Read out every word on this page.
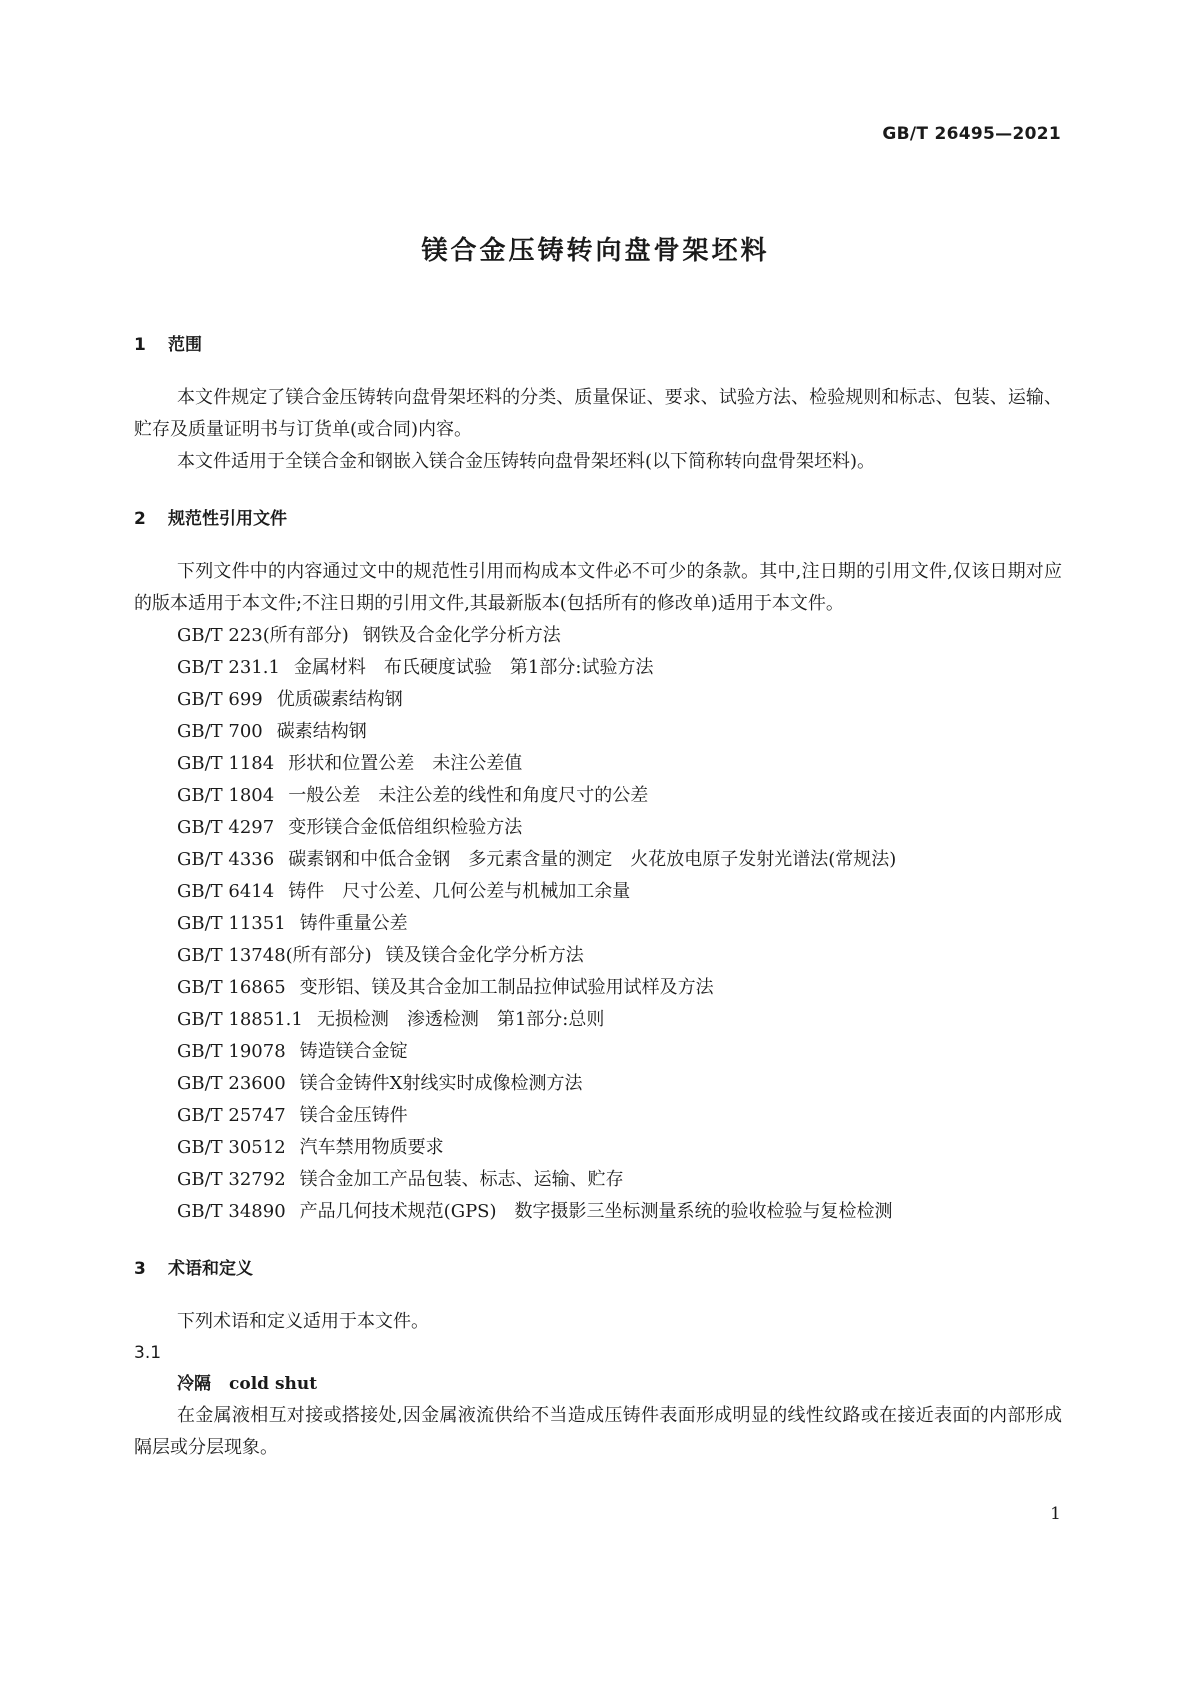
GB/T 26495—2021
镁合金压铸转向盘骨架坯料
1 范围

本文件规定了镁合金压铸转向盘骨架坯料的分类、质量保证、要求、试验方法、检验规则和标志、包装、运输、贮存及质量证明书与订货单(或合同)内容。

本文件适用于全镁合金和钢嵌入镁合金压铸转向盘骨架坯料(以下简称转向盘骨架坯料)。

2 规范性引用文件

下列文件中的内容通过文中的规范性引用而构成本文件必不可少的条款。其中,注日期的引用文件,仅该日期对应的版本适用于本文件;不注日期的引用文件,其最新版本(包括所有的修改单)适用于本文件。

GB/T 223(所有部分) 钢铁及合金化学分析方法
GB/T 231.1 金属材料　布氏硬度试验　第1部分:试验方法
GB/T 699 优质碳素结构钢
GB/T 700 碳素结构钢
GB/T 1184 形状和位置公差　未注公差值
GB/T 1804 一般公差　未注公差的线性和角度尺寸的公差
GB/T 4297 变形镁合金低倍组织检验方法
GB/T 4336 碳素钢和中低合金钢　多元素含量的测定　火花放电原子发射光谱法(常规法)
GB/T 6414 铸件　尺寸公差、几何公差与机械加工余量
GB/T 11351 铸件重量公差
GB/T 13748(所有部分) 镁及镁合金化学分析方法
GB/T 16865 变形铝、镁及其合金加工制品拉伸试验用试样及方法
GB/T 18851.1 无损检测　渗透检测　第1部分:总则
GB/T 19078 铸造镁合金锭
GB/T 23600 镁合金铸件X射线实时成像检测方法
GB/T 25747 镁合金压铸件
GB/T 30512 汽车禁用物质要求
GB/T 32792 镁合金加工产品包装、标志、运输、贮存
GB/T 34890 产品几何技术规范(GPS)　数字摄影三坐标测量系统的验收检验与复检检测
3 术语和定义

下列术语和定义适用于本文件。

3.1

冷隔 cold shut

在金属液相互对接或搭接处,因金属液流供给不当造成压铸件表面形成明显的线性纹路或在接近表面的内部形成隔层或分层现象。

1
